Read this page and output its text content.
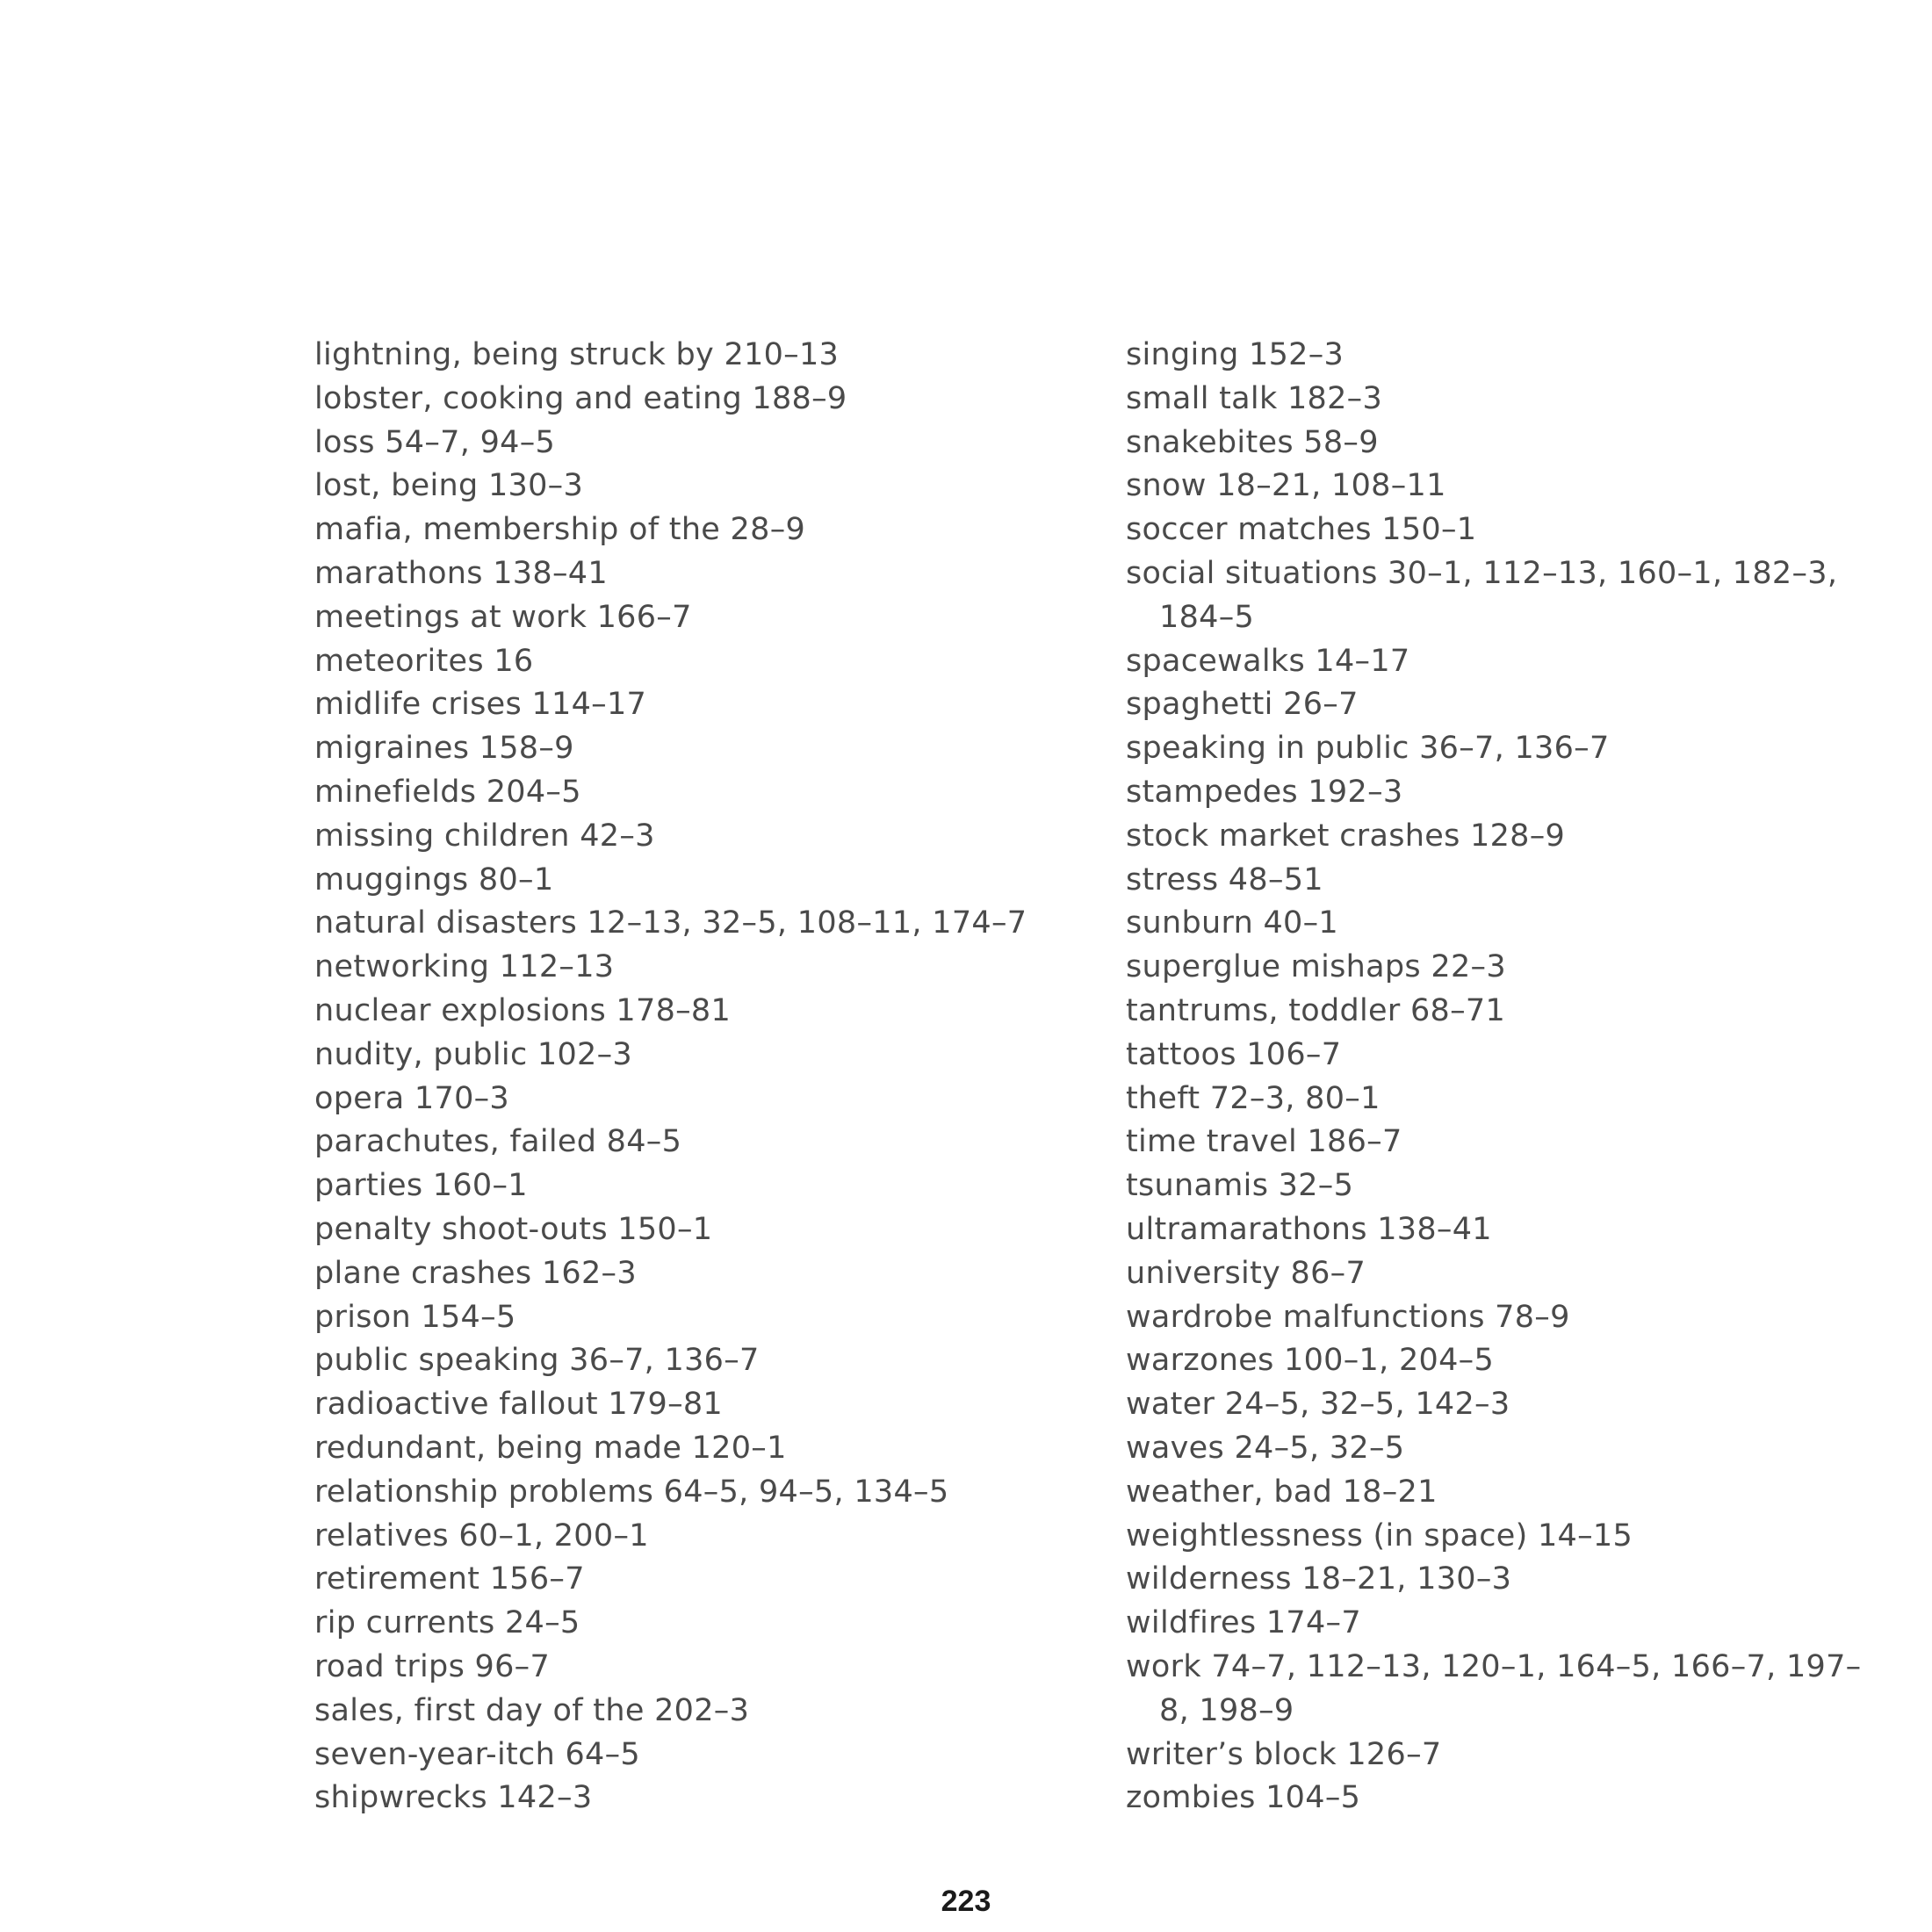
lightning, being struck by 210–13

lobster, cooking and eating 188–9

loss 54–7, 94–5

lost, being 130–3

mafia, membership of the 28–9

marathons 138–41

meetings at work 166–7

meteorites 16

midlife crises 114–17

migraines 158–9

minefields 204–5

missing children 42–3

muggings 80–1

natural disasters 12–13, 32–5, 108–11, 174–7

networking 112–13

nuclear explosions 178–81

nudity, public 102–3

opera 170–3

parachutes, failed 84–5

parties 160–1

penalty shoot-outs 150–1

plane crashes 162–3

prison 154–5

public speaking 36–7, 136–7

radioactive fallout 179–81

redundant, being made 120–1

relationship problems 64–5, 94–5, 134–5

relatives 60–1, 200–1

retirement 156–7

rip currents 24–5

road trips 96–7

sales, first day of the 202–3

seven-year-itch 64–5

shipwrecks 142–3

singing 152–3

small talk 182–3

snakebites 58–9

snow 18–21, 108–11

soccer matches 150–1

social situations 30–1, 112–13, 160–1, 182–3, 184–5

spacewalks 14–17

spaghetti 26–7

speaking in public 36–7, 136–7

stampedes 192–3

stock market crashes 128–9

stress 48–51

sunburn 40–1

superglue mishaps 22–3

tantrums, toddler 68–71

tattoos 106–7

theft 72–3, 80–1

time travel 186–7

tsunamis 32–5

ultramarathons 138–41

university 86–7

wardrobe malfunctions 78–9

warzones 100–1, 204–5

water 24–5, 32–5, 142–3

waves 24–5, 32–5

weather, bad 18–21

weightlessness (in space) 14–15

wilderness 18–21, 130–3

wildfires 174–7

work 74–7, 112–13, 120–1, 164–5, 166–7, 197–8, 198–9

writer’s block 126–7

zombies 104–5

223
